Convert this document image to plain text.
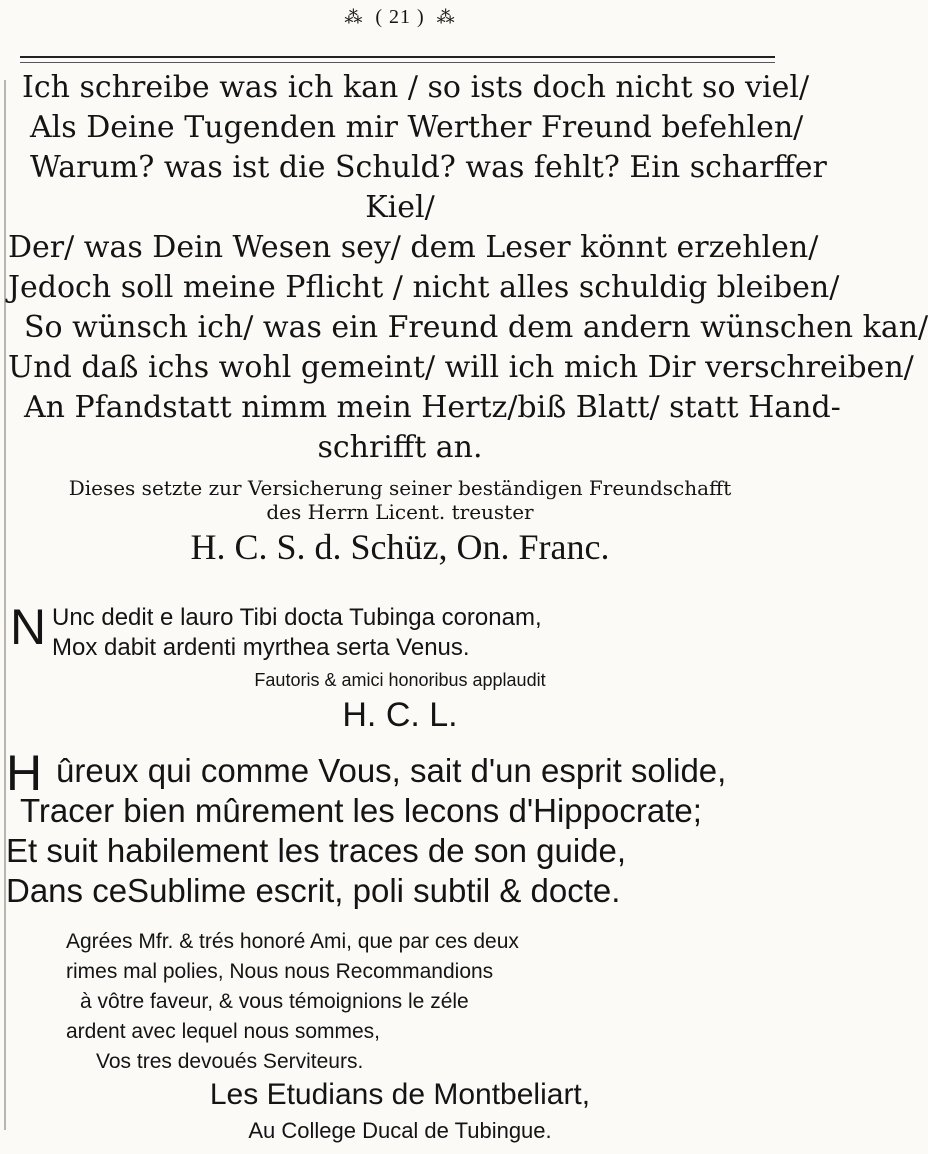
⁂ ( 21 ) ⁂
Ich schreibe was ich kan / so ists doch nicht so viel/
Als Deine Tugenden mir Werther Freund befehlen/
Warum? was ist die Schuld? was fehlt? Ein scharffer
Kiel/
Der/ was Dein Wesen sey/ dem Leser könnt erzehlen/
Jedoch soll meine Pflicht / nicht alles schuldig bleiben/
So wünsch ich/ was ein Freund dem andern wünschen kan/
Und daß ichs wohl gemeint/ will ich mich Dir verschreiben/
An Pfandstatt nimm mein Hertz/biß Blatt/ statt Hand-
schrifft an.
Dieses setzte zur Versicherung seiner beständigen Freundschafft
des Herrn Licent. treuster
H. C. S. d. Schüz, On. Franc.
N Unc dedit e lauro Tibi docta Tubinga coronam,
Mox dabit ardenti myrthea serta Venus.
Fautoris & amici honoribus applaudit
H. C. L.
H ûreux qui comme Vous, sait d'un esprit solide,
Tracer bien mûrement les lecons d'Hippocrate;
Et suit habilement les traces de son guide,
Dans ceSublime escrit, poli subtil & docte.
Agrées Mfr. & trés honoré Ami, que par ces deux
rimes mal polies, Nous nous Recommandions
à vôtre faveur, & vous témoignions le zéle
ardent avec lequel nous sommes,
Vos tres devoués Serviteurs.
Les Etudians de Montbeliart,
Au College Ducal de Tubingue.
